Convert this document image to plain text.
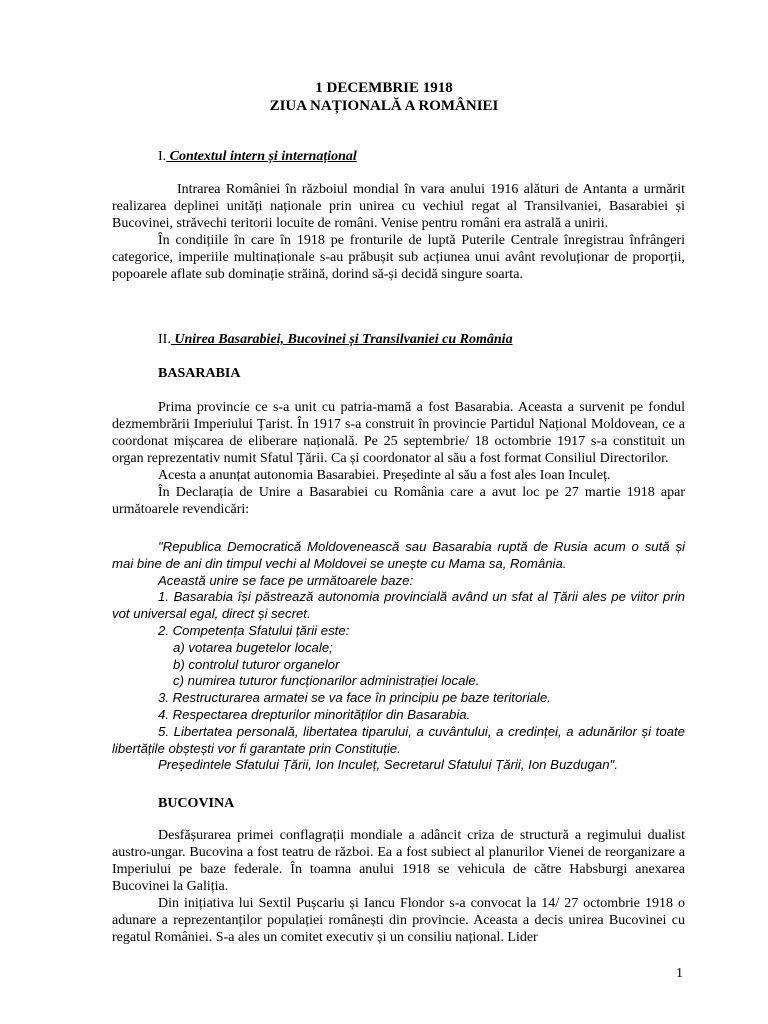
1 DECEMBRIE 1918
ZIUA NAȚIONALĂ A ROMÂNIEI
I. Contextul intern și internațional

Intrarea României în războiul mondial în vara anului 1916 alături de Antanta a urmărit realizarea deplinei unități naționale prin unirea cu vechiul regat al Transilvaniei, Basarabiei și Bucovinei, străvechi teritorii locuite de români. Venise pentru români era astrală a unirii.

În condițiile în care în 1918 pe fronturile de luptă Puterile Centrale înregistrau înfrângeri categorice, imperiile multinaționale s-au prăbușit sub acțiunea unui avânt revoluționar de proporții, popoarele aflate sub dominație străină, dorind să-și decidă singure soarta.

II. Unirea Basarabiei, Bucovinei și Transilvaniei cu România
BASARABIA

Prima provincie ce s-a unit cu patria-mamă a fost Basarabia. Aceasta a survenit pe fondul dezmembrării Imperiului Țarist. În 1917 s-a construit în provincie Partidul Național Moldovean, ce a coordonat mișcarea de eliberare națională. Pe 25 septembrie/ 18 octombrie 1917 s-a constituit un organ reprezentativ numit Sfatul Țării. Ca și coordonator al său a fost format Consiliul Directorilor.

Acesta a anunțat autonomia Basarabiei. Președinte al său a fost ales Ioan Inculeț.

În Declarația de Unire a Basarabiei cu România care a avut loc pe 27 martie 1918 apar următoarele revendicări:

"Republica Democratică Moldovenească sau Basarabia ruptă de Rusia acum o sută și mai bine de ani din timpul vechi al Moldovei se unește cu Mama sa, România.

Această unire se face pe următoarele baze:

1. Basarabia își păstrează autonomia provincială având un sfat al Țării ales pe viitor prin vot universal egal, direct și secret.

2. Competența Sfatului țării este:

a) votarea bugetelor locale;

b) controlul tuturor organelor

c) numirea tuturor funcționarilor administrației locale.

3. Restructurarea armatei se va face în principiu pe baze teritoriale.

4. Respectarea drepturilor minorităților din Basarabia.

5. Libertatea personală, libertatea tiparului, a cuvântului, a credinței, a adunărilor și toate libertățile obștești vor fi garantate prin Constituție.

Președintele Sfatului Țării, Ion Inculeț, Secretarul Sfatului Țării, Ion Buzdugan".

BUCOVINA

Desfășurarea primei conflagrații mondiale a adâncit criza de structură a regimului dualist austro-ungar. Bucovina a fost teatru de război. Ea a fost subiect al planurilor Vienei de reorganizare a Imperiului pe baze federale. În toamna anului 1918 se vehicula de către Habsburgi anexarea Bucovinei la Galiția.

Din inițiativa lui Sextil Pușcariu și Iancu Flondor s-a convocat la 14/ 27 octombrie 1918 o adunare a reprezentanților populației românești din provincie. Aceasta a decis unirea Bucovinei cu regatul României. S-a ales un comitet executiv și un consiliu național. Lider

1
